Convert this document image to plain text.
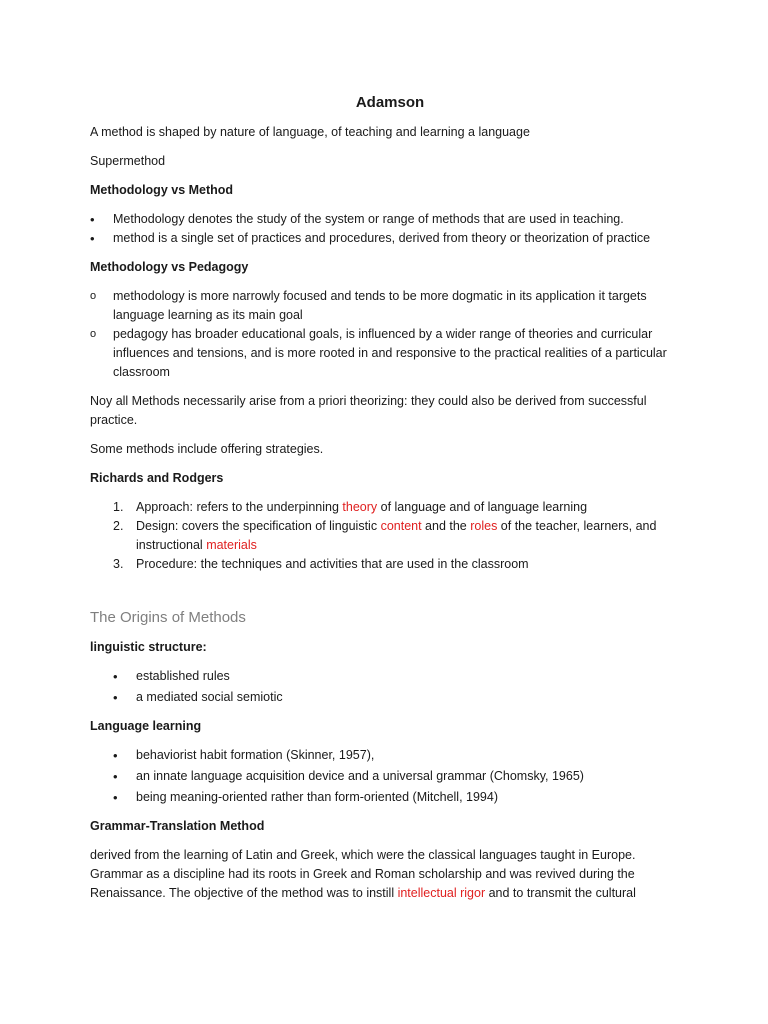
Adamson

A method is shaped by nature of language, of teaching and learning a language

Supermethod

Methodology vs Method

• Methodology denotes the study of the system or range of methods that are used in teaching.
• method is a single set of practices and procedures, derived from theory or theorization of practice

Methodology vs Pedagogy

o methodology is more narrowly focused and tends to be more dogmatic in its application it targets language learning as its main goal
o pedagogy has broader educational goals, is influenced by a wider range of theories and curricular influences and tensions, and is more rooted in and responsive to the practical realities of a particular classroom

Noy all Methods necessarily arise from a priori theorizing: they could also be derived from successful practice.

Some methods include offering strategies.

Richards and Rodgers

1. Approach: refers to the underpinning theory of language and of language learning
2. Design: covers the specification of linguistic content and the roles of the teacher, learners, and instructional materials
3. Procedure: the techniques and activities that are used in the classroom

The Origins of Methods

linguistic structure:

• established rules
• a mediated social semiotic

Language learning

• behaviorist habit formation (Skinner, 1957),
• an innate language acquisition device and a universal grammar (Chomsky, 1965)
• being meaning-oriented rather than form-oriented (Mitchell, 1994)

Grammar-Translation Method

derived from the learning of Latin and Greek, which were the classical languages taught in Europe. Grammar as a discipline had its roots in Greek and Roman scholarship and was revived during the Renaissance. The objective of the method was to instill intellectual rigor and to transmit the cultural
